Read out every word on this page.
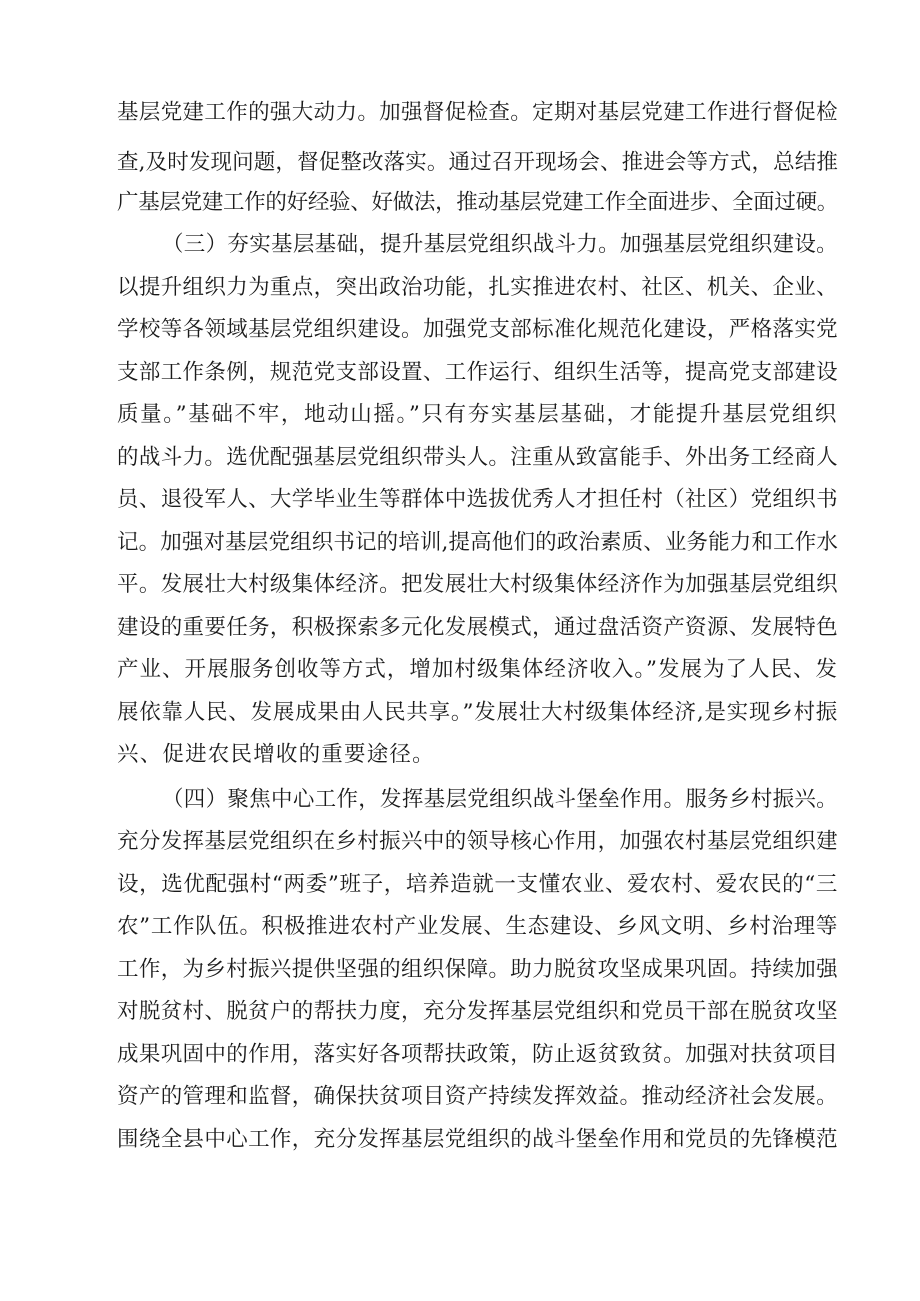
基层党建工作的强大动力。加强督促检查。定期对基层党建工作进行督促检
查,及时发现问题，督促整改落实。通过召开现场会、推进会等方式，总结推
广基层党建工作的好经验、好做法，推动基层党建工作全面进步、全面过硬。
（三）夯实基层基础，提升基层党组织战斗力。加强基层党组织建设。
以提升组织力为重点，突出政治功能，扎实推进农村、社区、机关、企业、
学校等各领域基层党组织建设。加强党支部标准化规范化建设，严格落实党
支部工作条例，规范党支部设置、工作运行、组织生活等，提高党支部建设
质量。”基础不牢，地动山摇。”只有夯实基层基础，才能提升基层党组织
的战斗力。选优配强基层党组织带头人。注重从致富能手、外出务工经商人
员、退役军人、大学毕业生等群体中选拔优秀人才担任村（社区）党组织书
记。加强对基层党组织书记的培训,提高他们的政治素质、业务能力和工作水
平。发展壮大村级集体经济。把发展壮大村级集体经济作为加强基层党组织
建设的重要任务，积极探索多元化发展模式，通过盘活资产资源、发展特色
产业、开展服务创收等方式，增加村级集体经济收入。”发展为了人民、发
展依靠人民、发展成果由人民共享。”发展壮大村级集体经济,是实现乡村振
兴、促进农民增收的重要途径。
（四）聚焦中心工作，发挥基层党组织战斗堡垒作用。服务乡村振兴。
充分发挥基层党组织在乡村振兴中的领导核心作用，加强农村基层党组织建
设，选优配强村“两委”班子，培养造就一支懂农业、爱农村、爱农民的“三
农”工作队伍。积极推进农村产业发展、生态建设、乡风文明、乡村治理等
工作，为乡村振兴提供坚强的组织保障。助力脱贫攻坚成果巩固。持续加强
对脱贫村、脱贫户的帮扶力度，充分发挥基层党组织和党员干部在脱贫攻坚
成果巩固中的作用，落实好各项帮扶政策，防止返贫致贫。加强对扶贫项目
资产的管理和监督，确保扶贫项目资产持续发挥效益。推动经济社会发展。
围绕全县中心工作，充分发挥基层党组织的战斗堡垒作用和党员的先锋模范
